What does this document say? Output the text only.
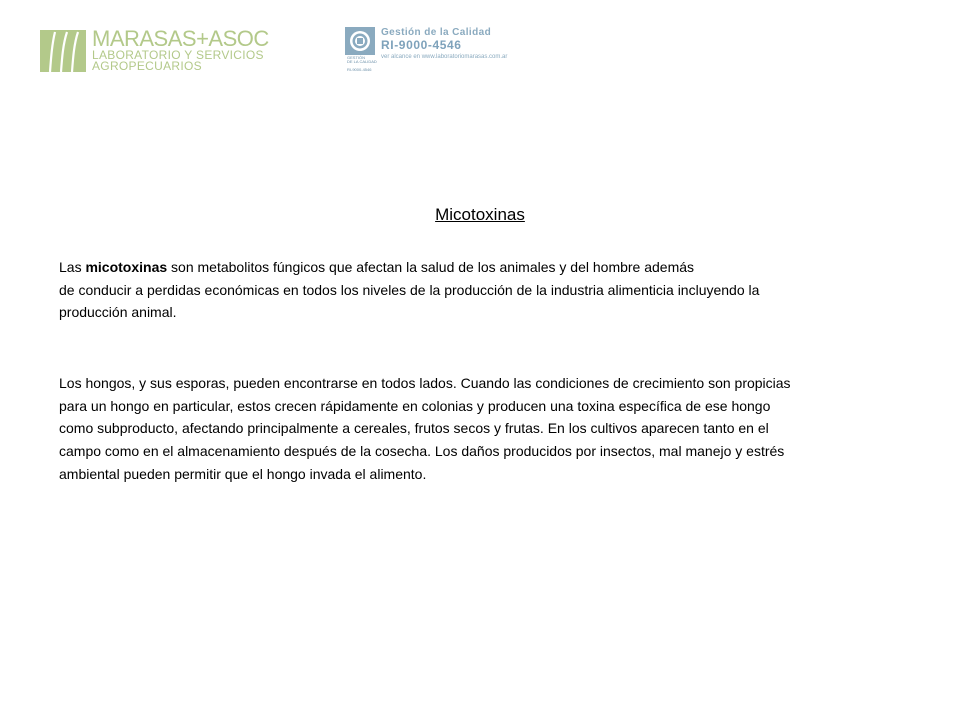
MARASAS+ASOC
LABORATORIO Y SERVICIOS
AGROPECUARIOS
GESTIÓN
DE LA CALIDAD
RI-9000-4546
Gestión de la Calidad
RI-9000-4546
ver alcance en www.laboratoriomarasas.com.ar
Micotoxinas

Las micotoxinas son metabolitos fúngicos que afectan la salud de los animales y del hombre además
de conducir a perdidas económicas en todos los niveles de la producción de la industria alimenticia incluyendo la
producción animal.

Los hongos, y sus esporas, pueden encontrarse en todos lados. Cuando las condiciones de crecimiento son propicias
para un hongo en particular, estos crecen rápidamente en colonias y producen una toxina específica de ese hongo
como subproducto, afectando principalmente a cereales, frutos secos y frutas. En los cultivos aparecen tanto en el
campo como en el almacenamiento después de la cosecha. Los daños producidos por insectos, mal manejo y estrés
ambiental pueden permitir que el hongo invada el alimento.
